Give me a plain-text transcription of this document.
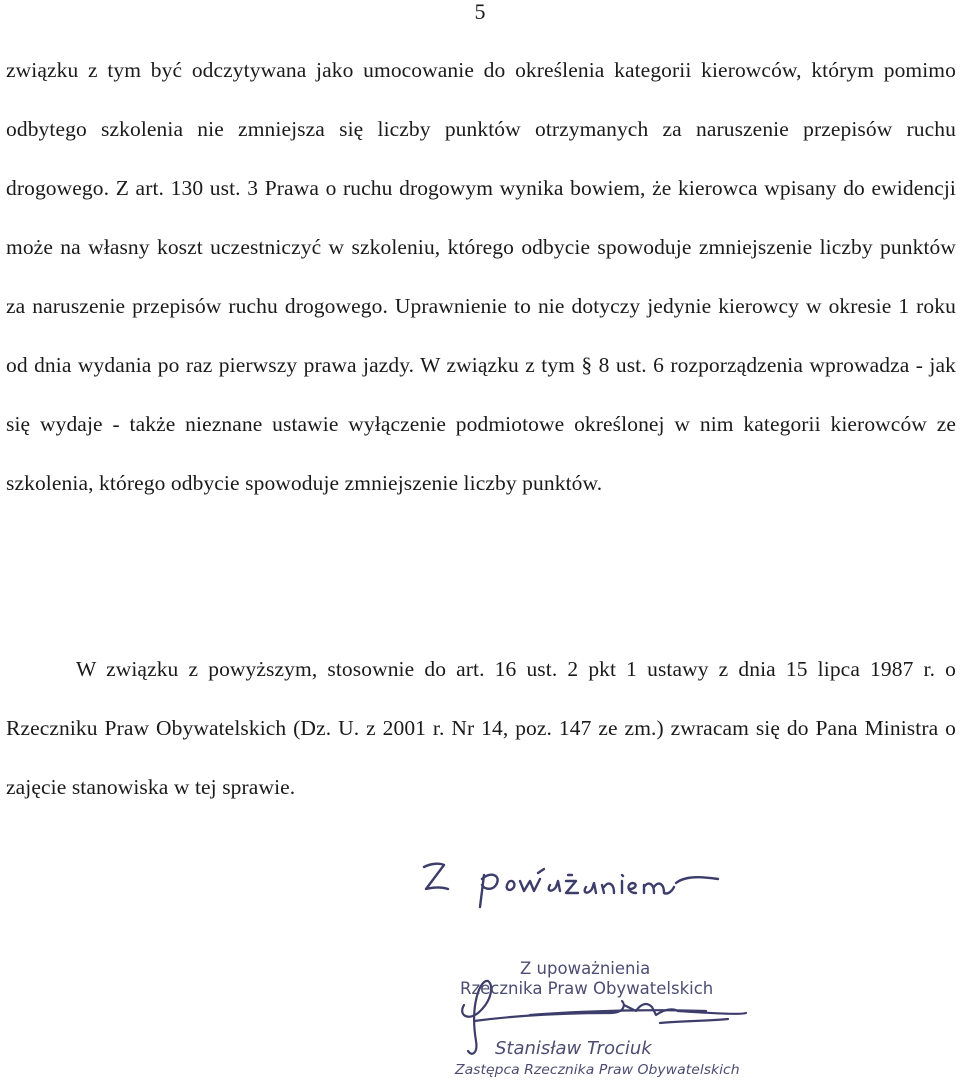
5
związku z tym być odczytywana jako umocowanie do określenia kategorii kierowców, którym pomimo odbytego szkolenia nie zmniejsza się liczby punktów otrzymanych za naruszenie przepisów ruchu drogowego. Z art. 130 ust. 3 Prawa o ruchu drogowym wynika bowiem, że kierowca wpisany do ewidencji może na własny koszt uczestniczyć w szkoleniu, którego odbycie spowoduje zmniejszenie liczby punktów za naruszenie przepisów ruchu drogowego. Uprawnienie to nie dotyczy jedynie kierowcy w okresie 1 roku od dnia wydania po raz pierwszy prawa jazdy. W związku z tym § 8 ust. 6 rozporządzenia wprowadza - jak się wydaje - także nieznane ustawie wyłączenie podmiotowe określonej w nim kategorii kierowców ze szkolenia, którego odbycie spowoduje zmniejszenie liczby punktów.
W związku z powyższym, stosownie do art. 16 ust. 2 pkt 1 ustawy z dnia 15 lipca 1987 r. o Rzeczniku Praw Obywatelskich (Dz. U. z 2001 r. Nr 14, poz. 147 ze zm.) zwracam się do Pana Ministra o zajęcie stanowiska w tej sprawie.
Z upoważnienia
Rzecznika Praw Obywatelskich
Stanisław Trociuk
Zastępca Rzecznika Praw Obywatelskich
